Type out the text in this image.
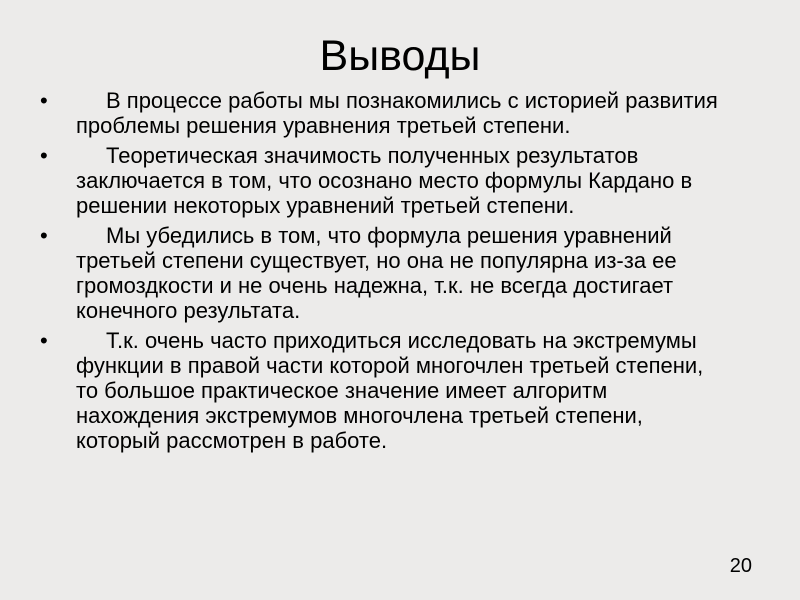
Выводы
•	В процессе работы мы познакомились с историей развития проблемы решения уравнения третьей степени.
•	Теоретическая значимость полученных результатов заключается в том, что осознано место формулы Кардано в решении некоторых уравнений третьей степени.
•	Мы убедились в том, что формула решения уравнений третьей степени существует, но она не популярна из-за ее громоздкости и не очень надежна, т.к. не всегда достигает конечного результата.
•	Т.к. очень часто приходиться исследовать на экстремумы функции в правой части которой многочлен третьей степени, то большое практическое значение имеет алгоритм нахождения экстремумов многочлена третьей степени, который рассмотрен в работе.
20
